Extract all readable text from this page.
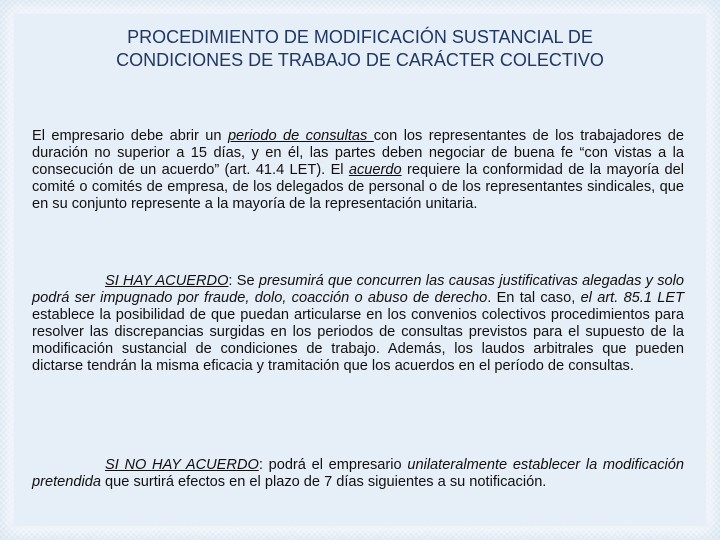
PROCEDIMIENTO DE MODIFICACIÓN SUSTANCIAL DE
CONDICIONES DE TRABAJO DE CARÁCTER COLECTIVO
El empresario debe abrir un periodo de consultas con los representantes de los trabajadores de duración no superior a 15 días, y en él, las partes deben negociar de buena fe “con vistas a la consecución de un acuerdo” (art. 41.4 LET). El acuerdo requiere la conformidad de la mayoría del comité o comités de empresa, de los delegados de personal o de los representantes sindicales, que en su conjunto represente a la mayoría de la representación unitaria.
SI HAY ACUERDO: Se presumirá que concurren las causas justificativas alegadas y solo podrá ser impugnado por fraude, dolo, coacción o abuso de derecho. En tal caso, el art. 85.1 LET establece la posibilidad de que puedan articularse en los convenios colectivos procedimientos para resolver las discrepancias surgidas en los periodos de consultas previstos para el supuesto de la modificación sustancial de condiciones de trabajo. Además, los laudos arbitrales que pueden dictarse tendrán la misma eficacia y tramitación que los acuerdos en el período de consultas.
SI NO HAY ACUERDO: podrá el empresario unilateralmente establecer la modificación pretendida que surtirá efectos en el plazo de 7 días siguientes a su notificación.
